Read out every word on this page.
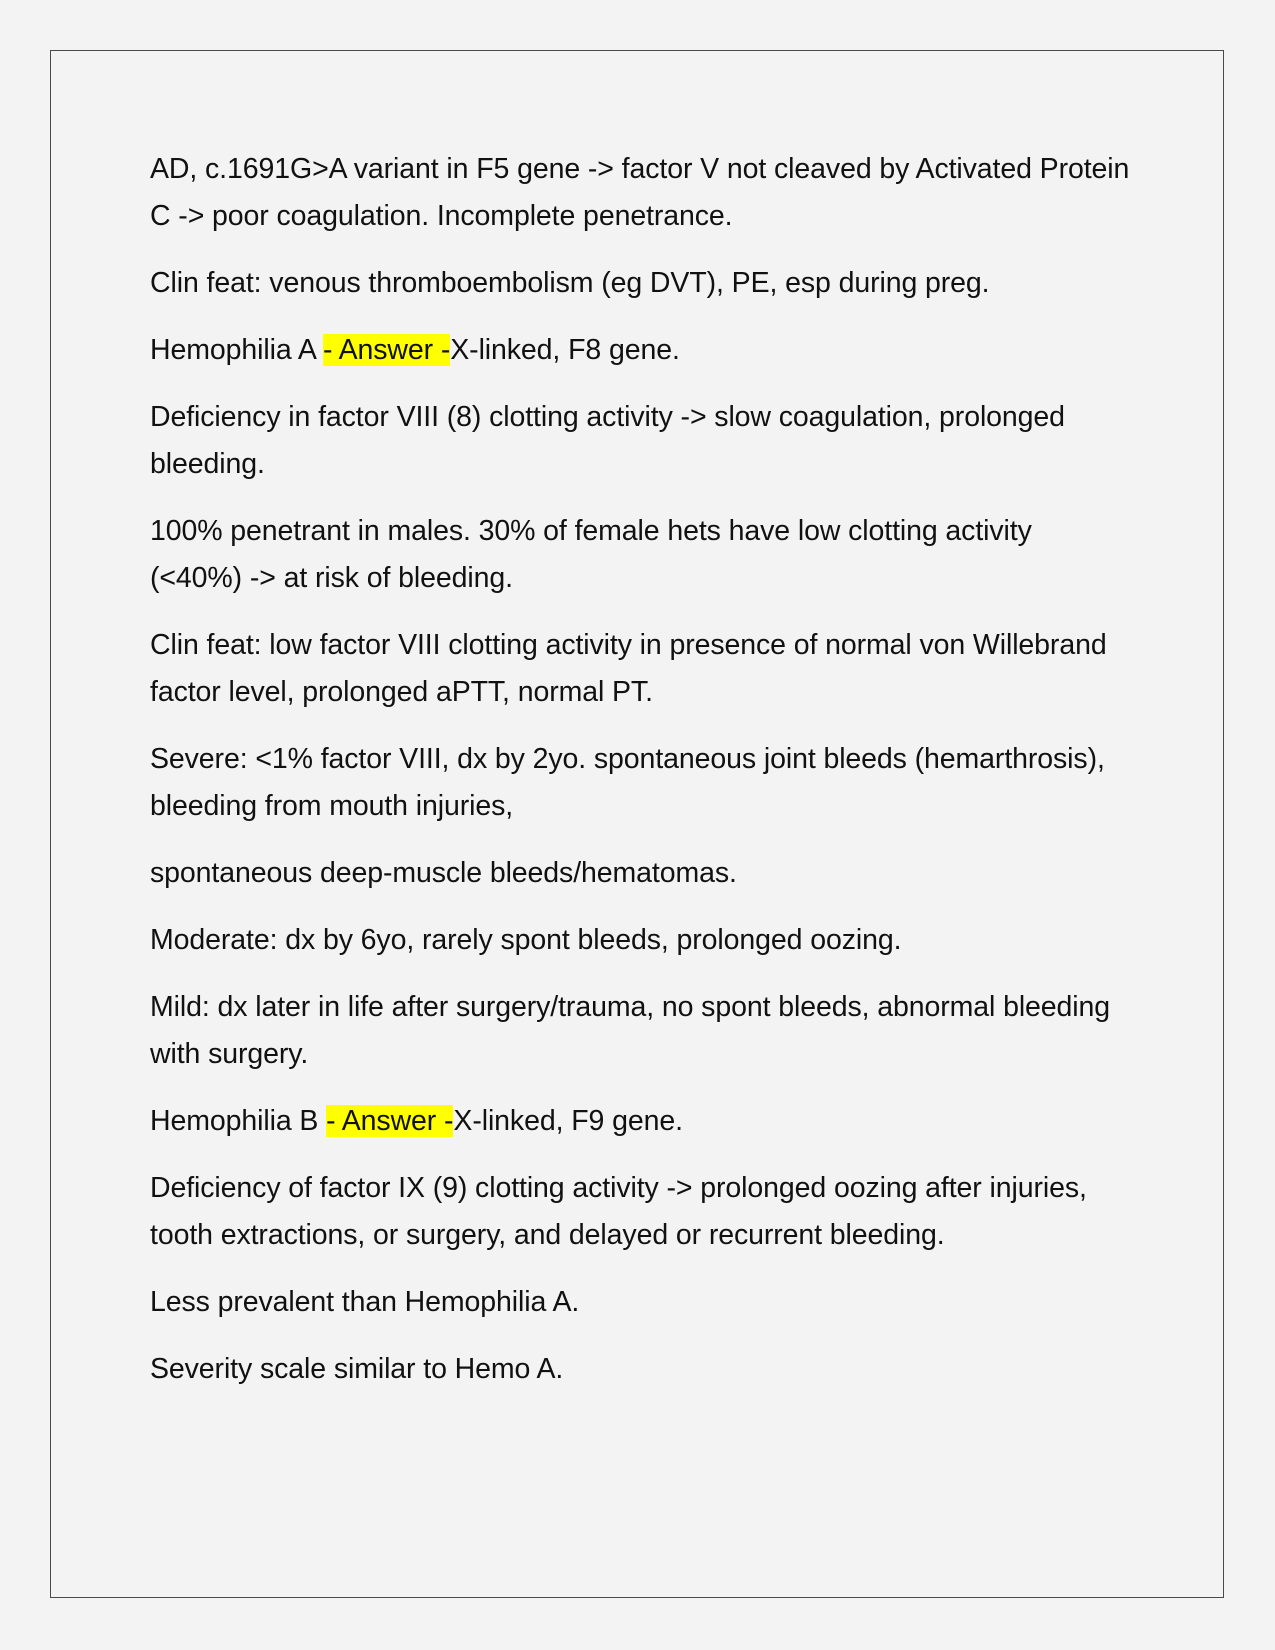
AD, c.1691G>A variant in F5 gene -> factor V not cleaved by Activated Protein C -> poor coagulation. Incomplete penetrance.

Clin feat: venous thromboembolism (eg DVT), PE, esp during preg.

Hemophilia A - Answer -X-linked, F8 gene.

Deficiency in factor VIII (8) clotting activity -> slow coagulation, prolonged bleeding.

100% penetrant in males. 30% of female hets have low clotting activity (<40%) -> at risk of bleeding.

Clin feat: low factor VIII clotting activity in presence of normal von Willebrand factor level, prolonged aPTT, normal PT.

Severe: <1% factor VIII, dx by 2yo. spontaneous joint bleeds (hemarthrosis), bleeding from mouth injuries,

spontaneous deep-muscle bleeds/hematomas.

Moderate: dx by 6yo, rarely spont bleeds, prolonged oozing.

Mild: dx later in life after surgery/trauma, no spont bleeds, abnormal bleeding with surgery.

Hemophilia B - Answer -X-linked, F9 gene.

Deficiency of factor IX (9) clotting activity -> prolonged oozing after injuries, tooth extractions, or surgery, and delayed or recurrent bleeding.

Less prevalent than Hemophilia A.

Severity scale similar to Hemo A.
